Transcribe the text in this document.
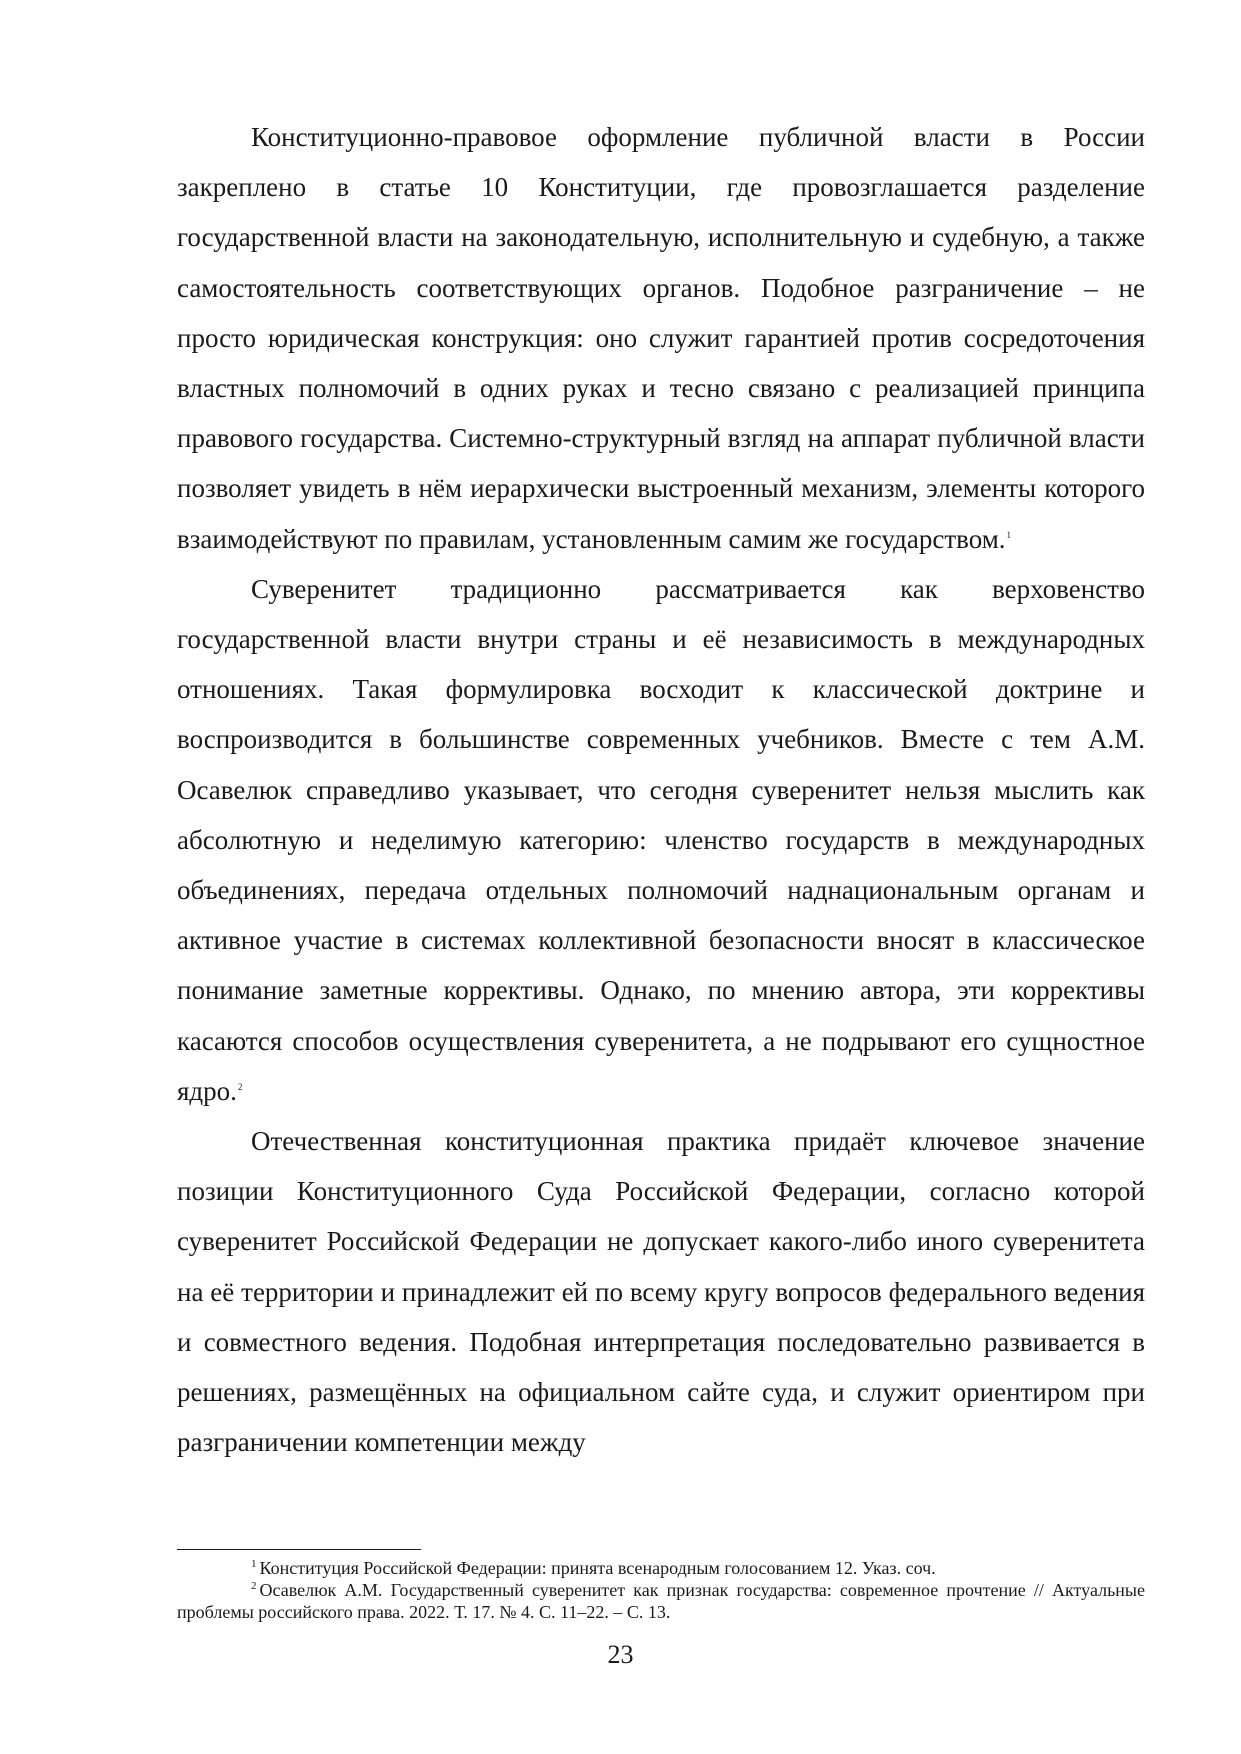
Конституционно-правовое оформление публичной власти в России закреплено в статье 10 Конституции, где провозглашается разделение государственной власти на законодательную, исполнительную и судебную, а также самостоятельность соответствующих органов. Подобное разграничение – не просто юридическая конструкция: оно служит гарантией против сосредоточения властных полномочий в одних руках и тесно связано с реализацией принципа правового государства. Системно-структурный взгляд на аппарат публичной власти позволяет увидеть в нём иерархически выстроенный механизм, элементы которого взаимодействуют по правилам, установленным самим же государством.$^1$

Суверенитет традиционно рассматривается как верховенство государственной власти внутри страны и её независимость в международных отношениях. Такая формулировка восходит к классической доктрине и воспроизводится в большинстве современных учебников. Вместе с тем А.М. Осавелюк справедливо указывает, что сегодня суверенитет нельзя мыслить как абсолютную и неделимую категорию: членство государств в международных объединениях, передача отдельных полномочий наднациональным органам и активное участие в системах коллективной безопасности вносят в классическое понимание заметные коррективы. Однако, по мнению автора, эти коррективы касаются способов осуществления суверенитета, а не подрывают его сущностное ядро.$^2$

Отечественная конституционная практика придаёт ключевое значение позиции Конституционного Суда Российской Федерации, согласно которой суверенитет Российской Федерации не допускает какого-либо иного суверенитета на её территории и принадлежит ей по всему кругу вопросов федерального ведения и совместного ведения. Подобная интерпретация последовательно развивается в решениях, размещённых на официальном сайте суда, и служит ориентиром при разграничении компетенции между

$^1$ Конституция Российской Федерации: принята всенародным голосованием 12. Указ. соч.

$^2$ Осавелюк А.М. Государственный суверенитет как признак государства: современное прочтение // Актуальные проблемы российского права. 2022. Т. 17. № 4. С. 11–22. – С. 13.

23
